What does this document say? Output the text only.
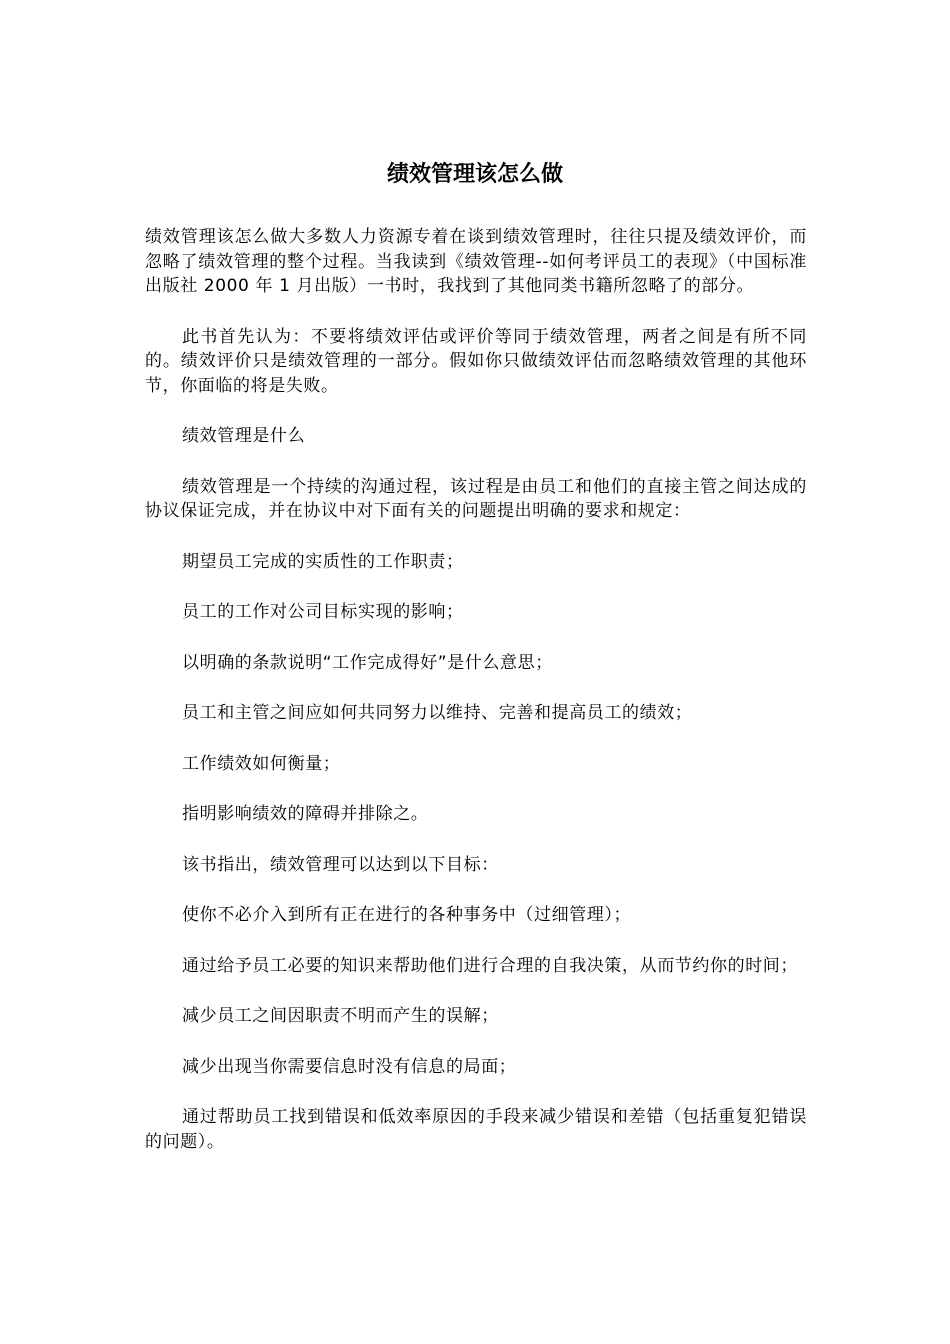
绩效管理该怎么做

绩效管理该怎么做大多数人力资源专着在谈到绩效管理时，往往只提及绩效评价，而忽略了绩效管理的整个过程。当我读到《绩效管理--如何考评员工的表现》（中国标准出版社 2000 年 1 月出版）一书时，我找到了其他同类书籍所忽略了的部分。

此书首先认为：不要将绩效评估或评价等同于绩效管理，两者之间是有所不同的。绩效评价只是绩效管理的一部分。假如你只做绩效评估而忽略绩效管理的其他环节，你面临的将是失败。

绩效管理是什么

绩效管理是一个持续的沟通过程，该过程是由员工和他们的直接主管之间达成的协议保证完成，并在协议中对下面有关的问题提出明确的要求和规定：

期望员工完成的实质性的工作职责；

员工的工作对公司目标实现的影响；

以明确的条款说明“工作完成得好”是什么意思；

员工和主管之间应如何共同努力以维持、完善和提高员工的绩效；

工作绩效如何衡量；

指明影响绩效的障碍并排除之。

该书指出，绩效管理可以达到以下目标：

使你不必介入到所有正在进行的各种事务中（过细管理）；

通过给予员工必要的知识来帮助他们进行合理的自我决策，从而节约你的时间；

减少员工之间因职责不明而产生的误解；

减少出现当你需要信息时没有信息的局面；

通过帮助员工找到错误和低效率原因的手段来减少错误和差错（包括重复犯错误的问题）。
